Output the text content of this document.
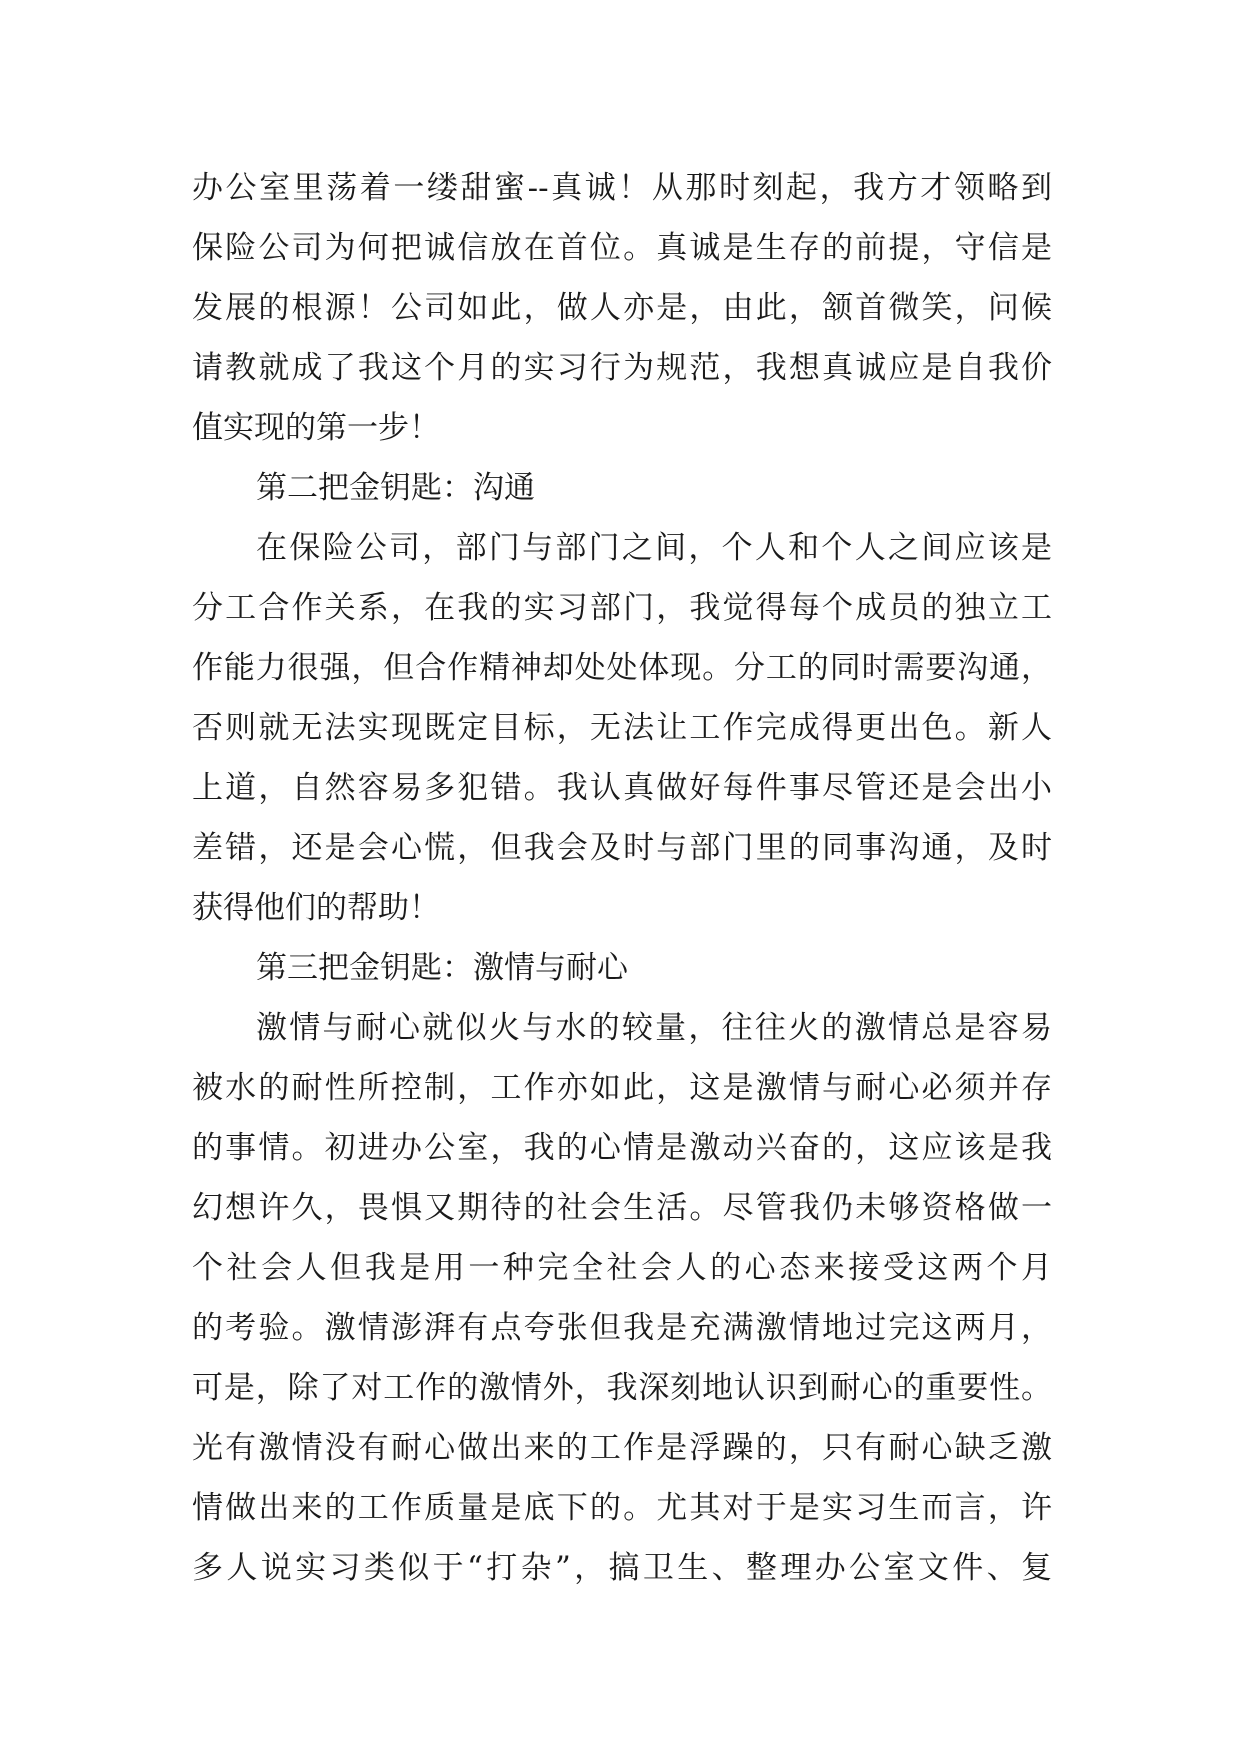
办公室里荡着一缕甜蜜--真诚！从那时刻起，我方才领略到
保险公司为何把诚信放在首位。真诚是生存的前提，守信是
发展的根源！公司如此，做人亦是，由此，颔首微笑，问候
请教就成了我这个月的实习行为规范，我想真诚应是自我价
值实现的第一步！
第二把金钥匙：沟通
在保险公司，部门与部门之间，个人和个人之间应该是
分工合作关系，在我的实习部门，我觉得每个成员的独立工
作能力很强，但合作精神却处处体现。分工的同时需要沟通，
否则就无法实现既定目标，无法让工作完成得更出色。新人
上道，自然容易多犯错。我认真做好每件事尽管还是会出小
差错，还是会心慌，但我会及时与部门里的同事沟通，及时
获得他们的帮助！
第三把金钥匙：激情与耐心
激情与耐心就似火与水的较量，往往火的激情总是容易
被水的耐性所控制，工作亦如此，这是激情与耐心必须并存
的事情。初进办公室，我的心情是激动兴奋的，这应该是我
幻想许久，畏惧又期待的社会生活。尽管我仍未够资格做一
个社会人但我是用一种完全社会人的心态来接受这两个月
的考验。激情澎湃有点夸张但我是充满激情地过完这两月，
可是，除了对工作的激情外，我深刻地认识到耐心的重要性。
光有激情没有耐心做出来的工作是浮躁的，只有耐心缺乏激
情做出来的工作质量是底下的。尤其对于是实习生而言，许
多人说实习类似于“打杂”，搞卫生、整理办公室文件、复
